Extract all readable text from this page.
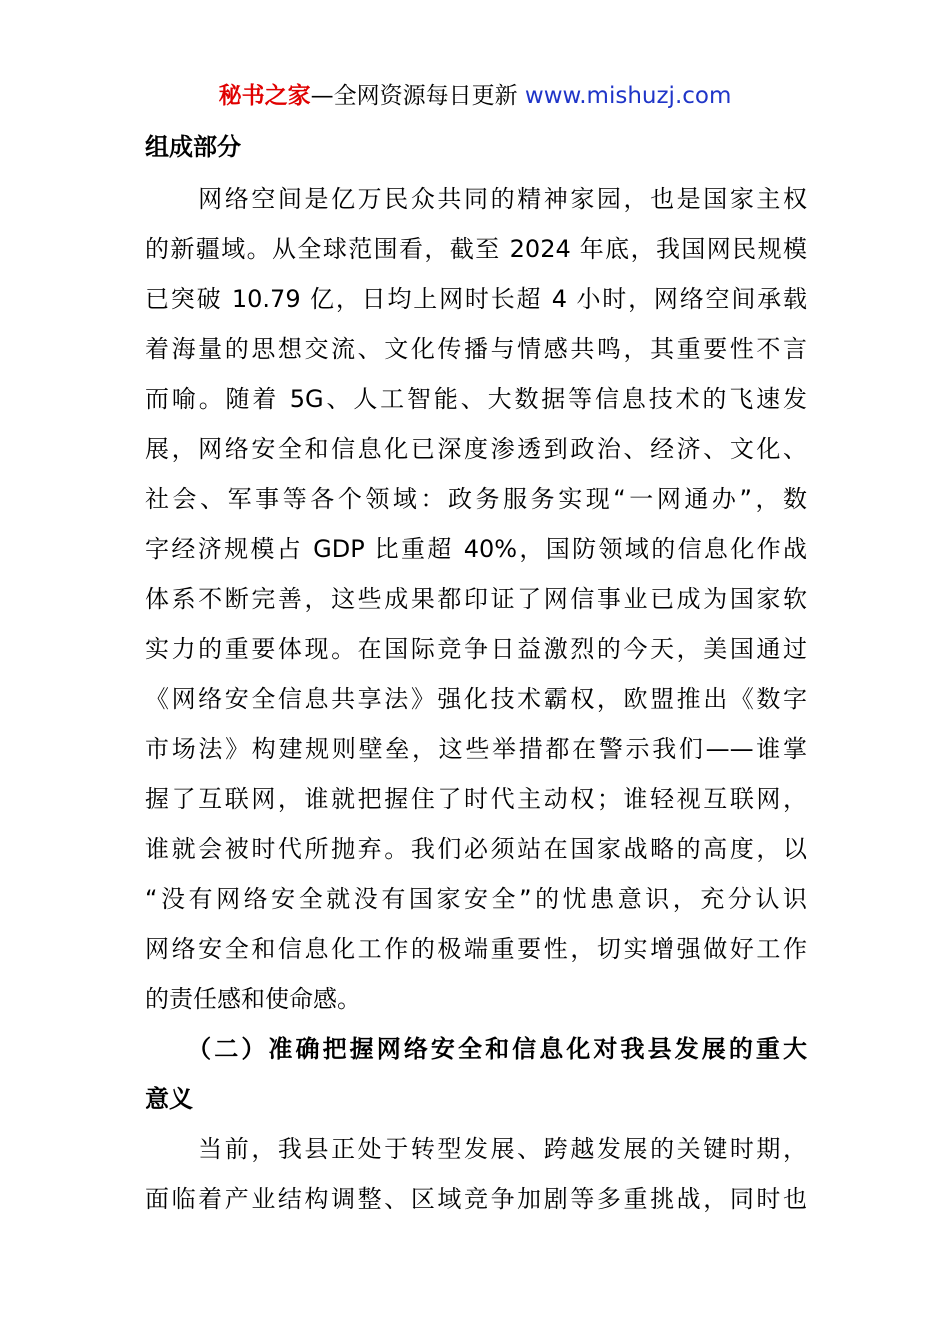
秘书之家—全网资源每日更新 www.mishuzj.com
组成部分

　　网络空间是亿万民众共同的精神家园，也是国家主权
的新疆域。从全球范围看，截至 2024 年底，我国网民规模
已突破 10.79 亿，日均上网时长超 4 小时，网络空间承载
着海量的思想交流、文化传播与情感共鸣，其重要性不言
而喻。随着 5G、人工智能、大数据等信息技术的飞速发
展，网络安全和信息化已深度渗透到政治、经济、文化、
社会、军事等各个领域：政务服务实现“一网通办”，数
字经济规模占 GDP 比重超 40%，国防领域的信息化作战
体系不断完善，这些成果都印证了网信事业已成为国家软
实力的重要体现。在国际竞争日益激烈的今天，美国通过
《网络安全信息共享法》强化技术霸权，欧盟推出《数字
市场法》构建规则壁垒，这些举措都在警示我们——谁掌
握了互联网，谁就把握住了时代主动权；谁轻视互联网，
谁就会被时代所抛弃。我们必须站在国家战略的高度，以
“没有网络安全就没有国家安全”的忧患意识，充分认识
网络安全和信息化工作的极端重要性，切实增强做好工作
的责任感和使命感。

　　（二）准确把握网络安全和信息化对我县发展的重大
意义

　　当前，我县正处于转型发展、跨越发展的关键时期，
面临着产业结构调整、区域竞争加剧等多重挑战，同时也
